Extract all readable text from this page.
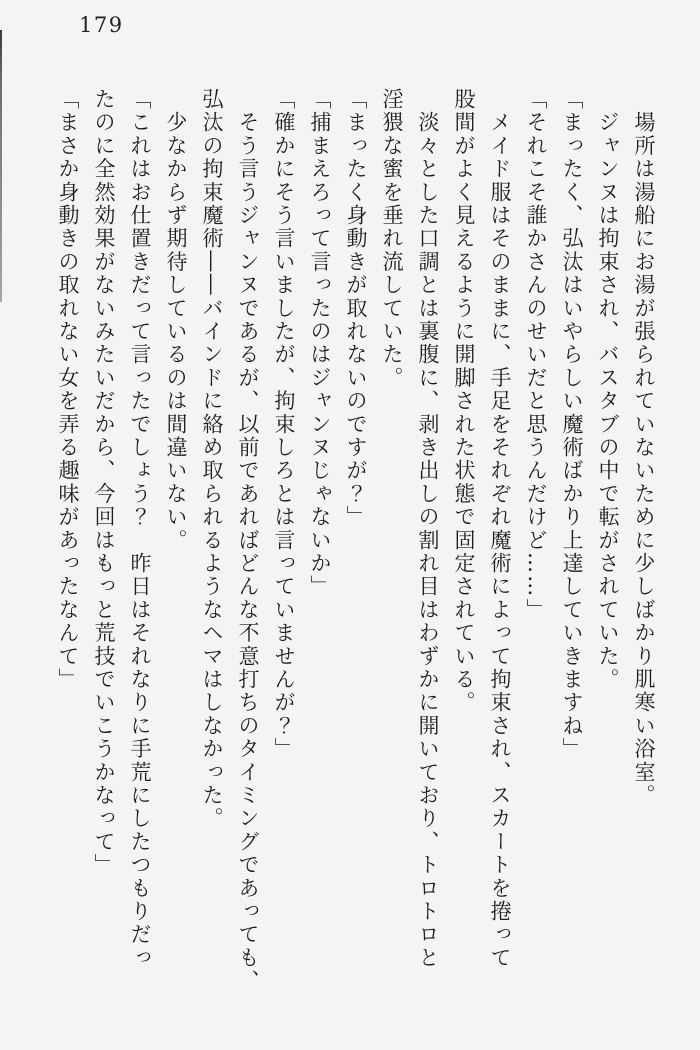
179

　場所は湯船にお湯が張られていないために少しばかり肌寒い浴室。

　ジャンヌは拘束され、バスタブの中で転がされていた。

「まったく、弘汰はいやらしい魔術ばかり上達していきますね」

「それこそ誰かさんのせいだと思うんだけど……」

　メイド服はそのままに、手足をそれぞれ魔術によって拘束され、スカートを捲って

股間がよく見えるように開脚された状態で固定されている。

　淡々とした口調とは裏腹に、剥き出しの割れ目はわずかに開いており、トロトロと

淫猥な蜜を垂れ流していた。

「まったく身動きが取れないのですが？」

「捕まえろって言ったのはジャンヌじゃないか」

「確かにそう言いましたが、拘束しろとは言っていませんが？」

　そう言うジャンヌであるが、以前であればどんな不意打ちのタイミングであっても、

弘汰の拘束魔術――バインドに絡め取られるようなヘマはしなかった。

　少なからず期待しているのは間違いない。

「これはお仕置きだって言ったでしょう？　昨日はそれなりに手荒にしたつもりだっ

たのに全然効果がないみたいだから、今回はもっと荒技でいこうかなって」

「まさか身動きの取れない女を弄る趣味があったなんて」
